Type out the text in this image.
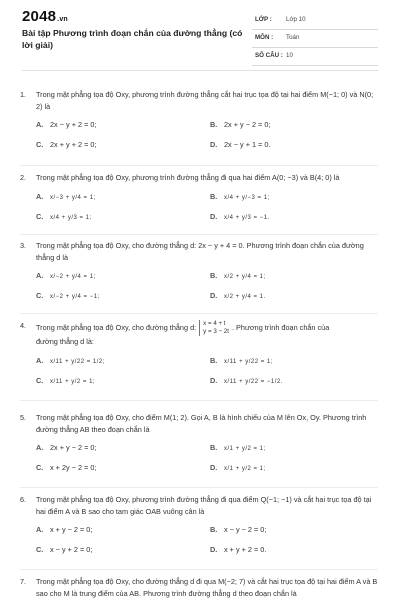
2048.vn
Bài tập Phương trình đoạn chắn của đường thẳng (có lời giải)
LỚP : Lớp 10
MÔN : Toán
SỐ CÂU : 10
1. Trong mặt phẳng tọa độ Oxy, phương trình đường thẳng cắt hai trục tọa độ tại hai điểm M(−1; 0) và N(0; 2) là
A. 2x − y + 2 = 0;	B. 2x + y − 2 = 0;
C. 2x + y + 2 = 0;	D. 2x − y + 1 = 0.
2. Trong mặt phẳng tọa độ Oxy, phương trình đường thẳng đi qua hai điểm A(0; −3) và B(4; 0) là
A. x/−3 + y/4 = 1;	B. x/4 + y/−3 = 1;
C. x/4 + y/3 = 1;	D. x/4 + y/3 = −1.
3. Trong mặt phẳng tọa độ Oxy, cho đường thẳng d: 2x − y + 4 = 0. Phương trình đoạn chắn của đường thẳng d là
A. x/−2 + y/4 = 1;	B. x/2 + y/4 = 1;
C. x/−2 + y/4 = −1;	D. x/2 + y/4 = 1.
4. Trong mặt phẳng tọa độ Oxy, cho đường thẳng d: x = 4 + t
y = 3 − 2t . Phương trình đoạn chắn của
đường thẳng d là:
A. x/11 + y/22 = 1/2;	B. x/11 + y/22 = 1;
C. x/11 + y/2 = 1;	D. x/11 + y/22 = −1/2.
5. Trong mặt phẳng tọa độ Oxy, cho điểm M(1; 2). Gọi A, B là hình chiếu của M lên Ox, Oy. Phương trình đường thẳng AB theo đoạn chắn là
A. 2x + y − 2 = 0;	B. x/1 + y/2 = 1;
C. x + 2y − 2 = 0;	D. x/1 + y/2 = 1;
6. Trong mặt phẳng tọa độ Oxy, phương trình đường thẳng đi qua điểm Q(−1; −1) và cắt hai trục tọa độ tại hai điểm A và B sao cho tam giác OAB vuông cân là
A. x + y − 2 = 0;	B. x − y − 2 = 0;
C. x − y + 2 = 0;	D. x + y + 2 = 0.
7. Trong mặt phẳng tọa độ Oxy, cho đường thẳng d đi qua M(−2; 7) và cắt hai trục tọa độ tại hai điểm A và B sao cho M là trung điểm của AB. Phương trình đường thẳng d theo đoạn chắn là
